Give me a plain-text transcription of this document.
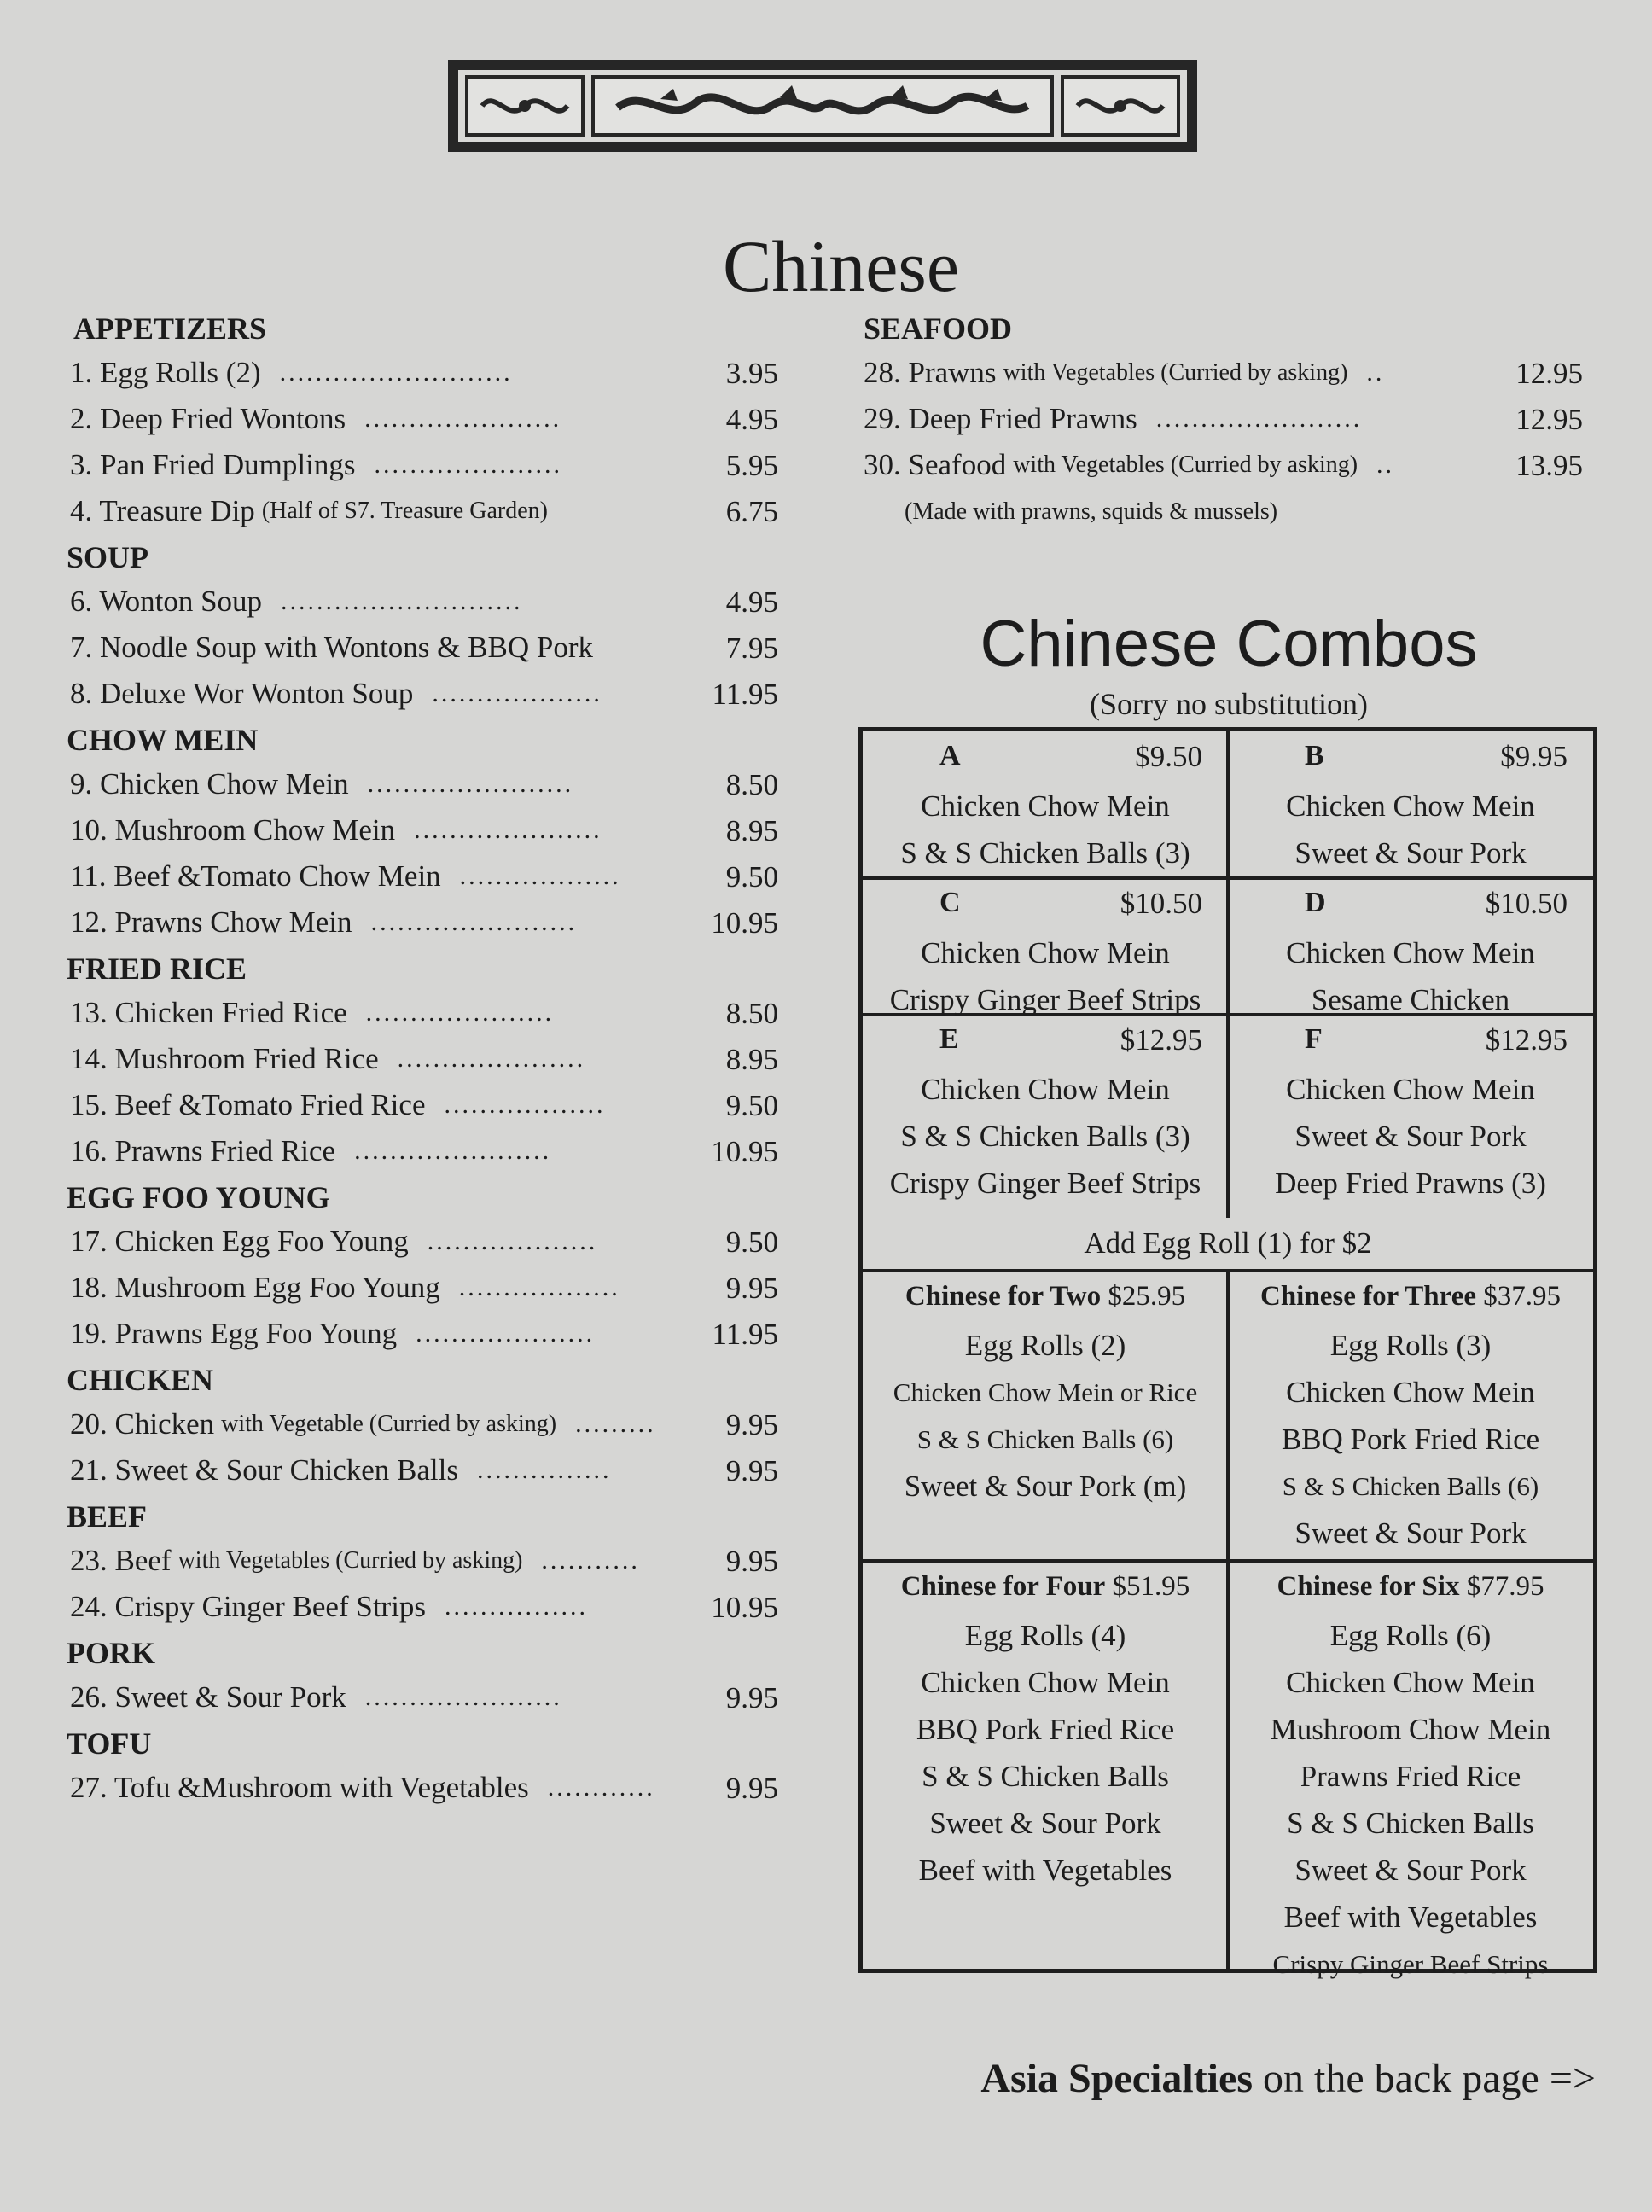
Chinese
APPETIZERS
1. Egg Rolls (2) ..........................	3.95
2. Deep Fried Wontons ......................	4.95
3. Pan Fried Dumplings .....................	5.95
4. Treasure Dip (Half of S7. Treasure Garden)	6.75
SOUP
6. Wonton Soup ...........................	4.95
7. Noodle Soup with Wontons & BBQ Pork	7.95
8. Deluxe Wor Wonton Soup ...................	11.95
CHOW MEIN
9. Chicken Chow Mein .......................	8.50
10. Mushroom Chow Mein .....................	8.95
11. Beef &Tomato Chow Mein ..................	9.50
12. Prawns Chow Mein .......................	10.95
FRIED RICE
13. Chicken Fried Rice .....................	8.50
14. Mushroom Fried Rice .....................	8.95
15. Beef &Tomato Fried Rice ..................	9.50
16. Prawns Fried Rice ......................	10.95
EGG FOO YOUNG
17. Chicken Egg Foo Young ...................	9.50
18. Mushroom Egg Foo Young ..................	9.95
19. Prawns Egg Foo Young ....................	11.95
CHICKEN
20. Chicken with Vegetable (Curried by asking) .........	9.95
21. Sweet & Sour Chicken Balls ...............	9.95
BEEF
23. Beef with Vegetables (Curried by asking) ...........	9.95
24. Crispy Ginger Beef Strips ................	10.95
PORK
26. Sweet & Sour Pork ......................	9.95
TOFU
27. Tofu &Mushroom with Vegetables ............	9.95
SEAFOOD
28. Prawns with Vegetables (Curried by asking) ..	12.95
29. Deep Fried Prawns .......................	12.95
30. Seafood with Vegetables (Curried by asking) ..	13.95
(Made with prawns, squids & mussels)
Chinese Combos
(Sorry no substitution)
A	$9.50
Chicken Chow Mein
S & S Chicken Balls (3)
B	$9.95
Chicken Chow Mein
Sweet & Sour Pork
C	$10.50
Chicken Chow Mein
Crispy Ginger Beef Strips
D	$10.50
Chicken Chow Mein
Sesame Chicken
E	$12.95
Chicken Chow Mein
S & S Chicken Balls (3)
Crispy Ginger Beef Strips
F	$12.95
Chicken Chow Mein
Sweet & Sour Pork
Deep Fried Prawns (3)
Add Egg Roll (1) for $2
Chinese for Two $25.95
Egg Rolls (2)
Chicken Chow Mein or Rice
S & S Chicken Balls (6)
Sweet & Sour Pork (m)
Chinese for Three $37.95
Egg Rolls (3)
Chicken Chow Mein
BBQ Pork Fried Rice
S & S Chicken Balls (6)
Sweet & Sour Pork
Chinese for Four $51.95
Egg Rolls (4)
Chicken Chow Mein
BBQ Pork Fried Rice
S & S Chicken Balls
Sweet & Sour Pork
Beef with Vegetables
Chinese for Six $77.95
Egg Rolls (6)
Chicken Chow Mein
Mushroom Chow Mein
Prawns Fried Rice
S & S Chicken Balls
Sweet & Sour Pork
Beef with Vegetables
Crispy Ginger Beef Strips
Asia Specialties on the back page =>
